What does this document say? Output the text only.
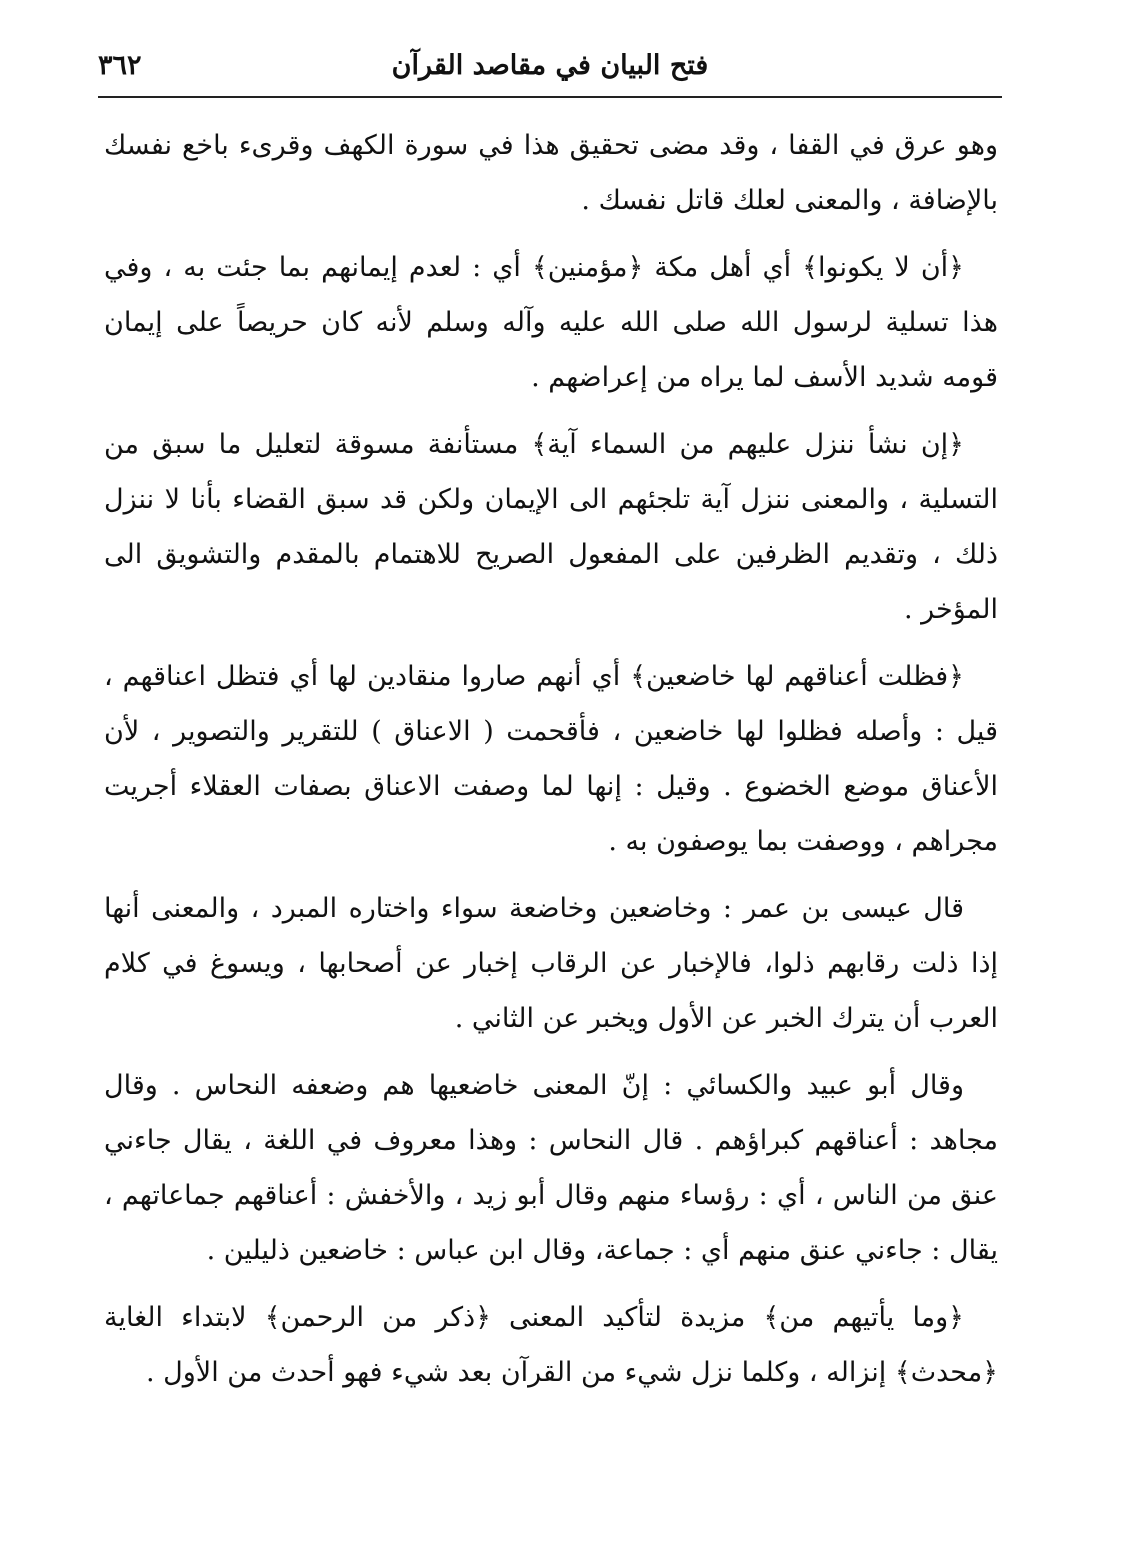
فتح البيان في مقاصد القرآن
٣٦٢

وهو عرق في القفا ، وقد مضى تحقيق هذا في سورة الكهف وقرىء باخع نفسك بالإضافة ، والمعنى لعلك قاتل نفسك .

﴿أن لا يكونوا﴾ أي أهل مكة ﴿مؤمنين﴾ أي : لعدم إيمانهم بما جئت به ، وفي هذا تسلية لرسول الله صلى الله عليه وآله وسلم لأنه كان حريصاً على إيمان قومه شديد الأسف لما يراه من إعراضهم .

﴿إن نشأ ننزل عليهم من السماء آية﴾ مستأنفة مسوقة لتعليل ما سبق من التسلية ، والمعنى ننزل آية تلجئهم الى الإيمان ولكن قد سبق القضاء بأنا لا ننزل ذلك ، وتقديم الظرفين على المفعول الصريح للاهتمام بالمقدم والتشويق الى المؤخر .

﴿فظلت أعناقهم لها خاضعين﴾ أي أنهم صاروا منقادين لها أي فتظل اعناقهم ، قيل : وأصله فظلوا لها خاضعين ، فأقحمت ( الاعناق ) للتقرير والتصوير ، لأن الأعناق موضع الخضوع . وقيل : إنها لما وصفت الاعناق بصفات العقلاء أجريت مجراهم ، ووصفت بما يوصفون به .

قال عيسى بن عمر : وخاضعين وخاضعة سواء واختاره المبرد ، والمعنى أنها إذا ذلت رقابهم ذلوا، فالإخبار عن الرقاب إخبار عن أصحابها ، ويسوغ في كلام العرب أن يترك الخبر عن الأول ويخبر عن الثاني .

وقال أبو عبيد والكسائي : إنّ المعنى خاضعيها هم وضعفه النحاس . وقال مجاهد : أعناقهم كبراؤهم . قال النحاس : وهذا معروف في اللغة ، يقال جاءني عنق من الناس ، أي : رؤساء منهم وقال أبو زيد ، والأخفش : أعناقهم جماعاتهم ، يقال : جاءني عنق منهم أي : جماعة، وقال ابن عباس : خاضعين ذليلين .

﴿وما يأتيهم من﴾ مزيدة لتأكيد المعنى ﴿ذكر من الرحمن﴾ لابتداء الغاية ﴿محدث﴾ إنزاله ، وكلما نزل شيء من القرآن بعد شيء فهو أحدث من الأول .
